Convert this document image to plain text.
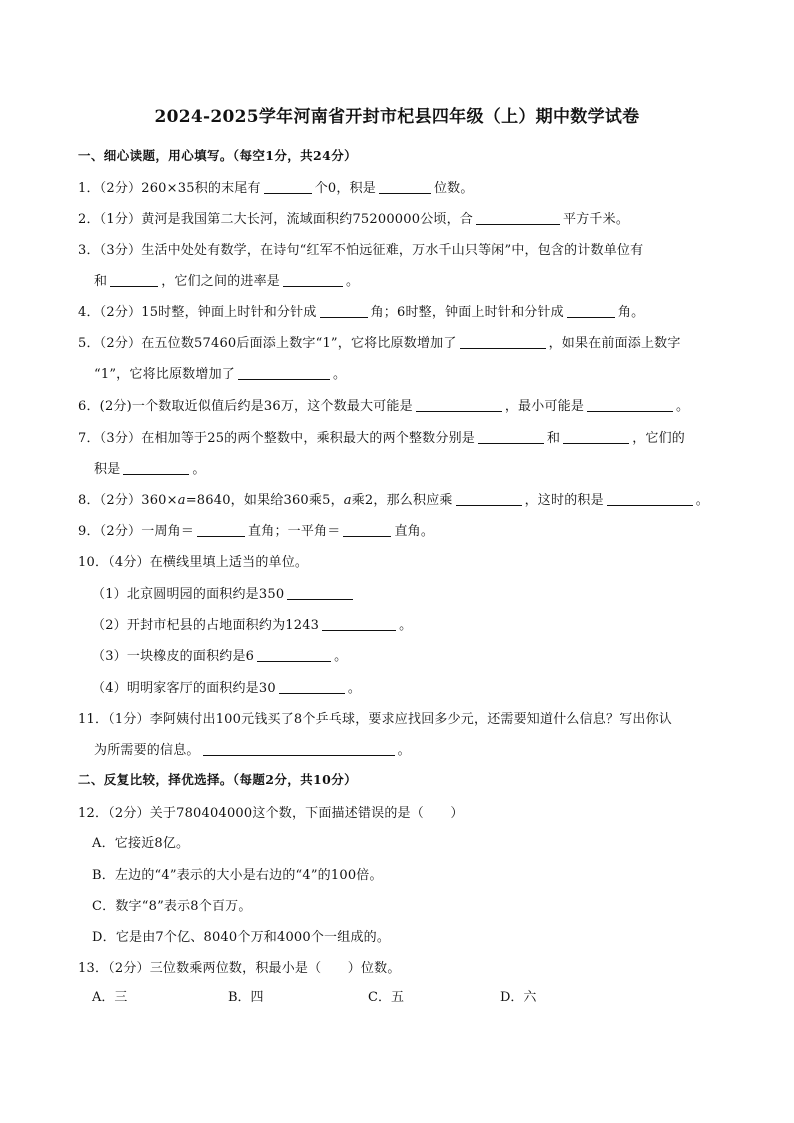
2024-2025学年河南省开封市杞县四年级（上）期中数学试卷
一、细心读题，用心填写。（每空1分，共24分）
1．（2分）260×35积的末尾有	个0，积是	位数。
2．（1分）黄河是我国第二大长河，流域面积约75200000公顷，合	平方千米。
3．（3分）生活中处处有数学，在诗句“红军不怕远征难，万水千山只等闲”中，包含的计数单位有
和	，它们之间的进率是	。
4．（2分）15时整，钟面上时针和分针成	角；6时整，钟面上时针和分针成	角。
5．（2分）在五位数57460后面添上数字“1”，它将比原数增加了	，如果在前面添上数字
“1”，它将比原数增加了	。
6．(2分)一个数取近似值后约是36万，这个数最大可能是	，最小可能是	。
7．（3分）在相加等于25的两个整数中，乘积最大的两个整数分别是	和	，它们的
积是	。
8．（2分）360×a=8640，如果给360乘5，a乘2，那么积应乘	，这时的积是	。
9．（2分）一周角＝	直角；一平角＝	直角。
10．（4分）在横线里填上适当的单位。
（1）北京圆明园的面积约是350
（2）开封市杞县的占地面积约为1243	。
（3）一块橡皮的面积约是6	。
（4）明明家客厅的面积约是30	。
11．（1分）李阿姨付出100元钱买了8个乒乓球，要求应找回多少元，还需要知道什么信息？写出你认
为所需要的信息。	。
二、反复比较，择优选择。（每题2分，共10分）
12．（2分）关于780404000这个数，下面描述错误的是（　　）
A．它接近8亿。
B．左边的“4”表示的大小是右边的“4”的100倍。
C．数字“8”表示8个百万。
D．它是由7个亿、8040个万和4000个一组成的。
13．（2分）三位数乘两位数，积最小是（　　）位数。
A．三	B．四	C．五	D．六
